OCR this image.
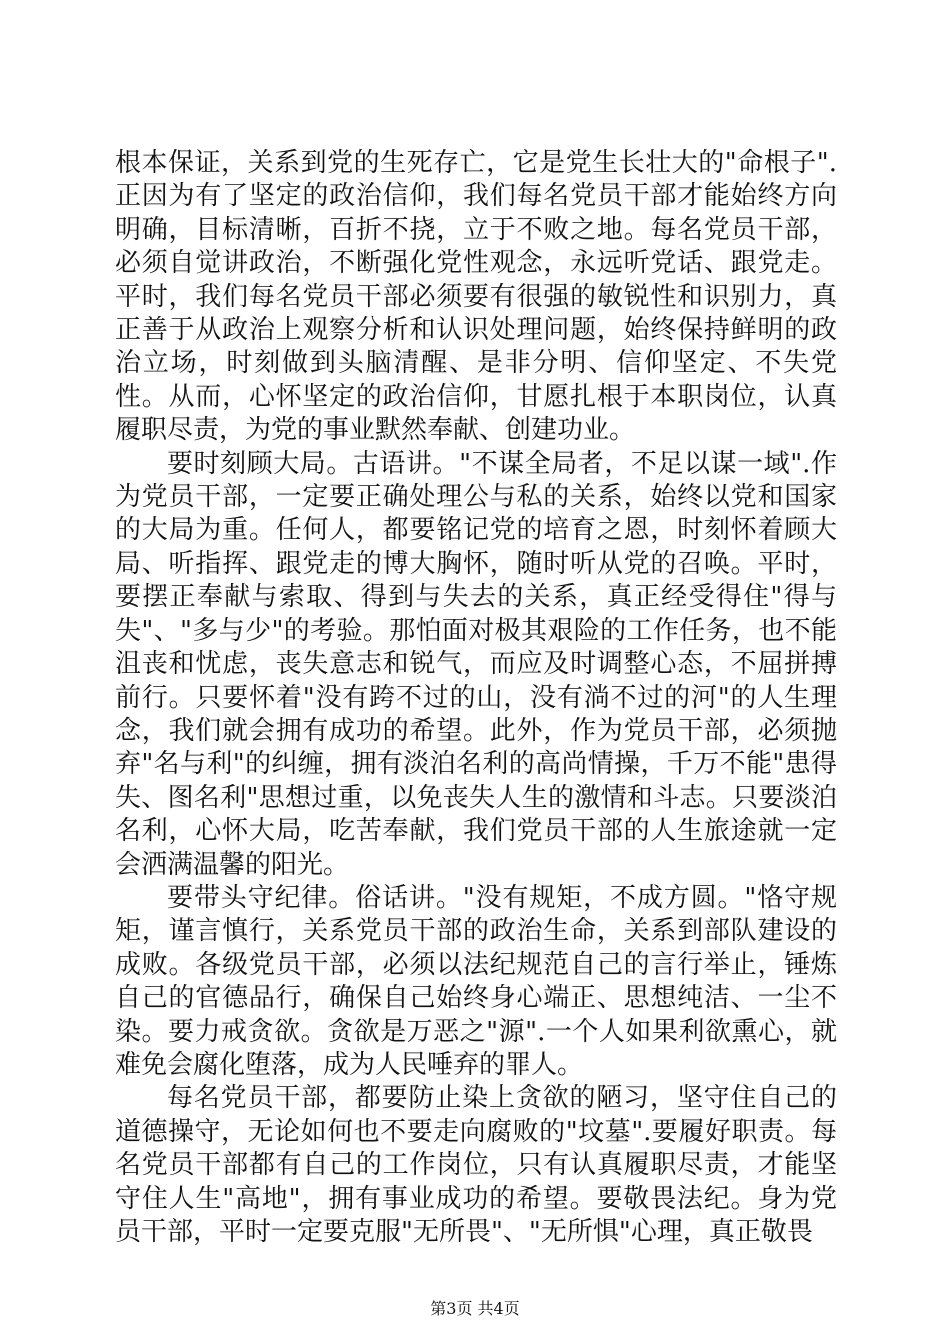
根本保证，关系到党的生死存亡，它是党生长壮大的"命根子".正因为有了坚定的政治信仰，我们每名党员干部才能始终方向明确，目标清晰，百折不挠，立于不败之地。每名党员干部，必须自觉讲政治，不断强化党性观念，永远听党话、跟党走。平时，我们每名党员干部必须要有很强的敏锐性和识别力，真正善于从政治上观察分析和认识处理问题，始终保持鲜明的政治立场，时刻做到头脑清醒、是非分明、信仰坚定、不失党性。从而，心怀坚定的政治信仰，甘愿扎根于本职岗位，认真履职尽责，为党的事业默然奉献、创建功业。

要时刻顾大局。古语讲。"不谋全局者，不足以谋一域".作为党员干部，一定要正确处理公与私的关系，始终以党和国家的大局为重。任何人，都要铭记党的培育之恩，时刻怀着顾大局、听指挥、跟党走的博大胸怀，随时听从党的召唤。平时，要摆正奉献与索取、得到与失去的关系，真正经受得住"得与失"、"多与少"的考验。那怕面对极其艰险的工作任务，也不能沮丧和忧虑，丧失意志和锐气，而应及时调整心态，不屈拼搏前行。只要怀着"没有跨不过的山，没有淌不过的河"的人生理念，我们就会拥有成功的希望。此外，作为党员干部，必须抛弃"名与利"的纠缠，拥有淡泊名利的高尚情操，千万不能"患得失、图名利"思想过重，以免丧失人生的激情和斗志。只要淡泊名利，心怀大局，吃苦奉献，我们党员干部的人生旅途就一定会洒满温馨的阳光。

要带头守纪律。俗话讲。"没有规矩，不成方圆。"恪守规矩，谨言慎行，关系党员干部的政治生命，关系到部队建设的成败。各级党员干部，必须以法纪规范自己的言行举止，锤炼自己的官德品行，确保自己始终身心端正、思想纯洁、一尘不染。要力戒贪欲。贪欲是万恶之"源".一个人如果利欲熏心，就难免会腐化堕落，成为人民唾弃的罪人。

每名党员干部，都要防止染上贪欲的陋习，坚守住自己的道德操守，无论如何也不要走向腐败的"坟墓".要履好职责。每名党员干部都有自己的工作岗位，只有认真履职尽责，才能坚守住人生"高地"，拥有事业成功的希望。要敬畏法纪。身为党员干部，平时一定要克服"无所畏"、"无所惧"心理，真正敬畏

第3页 共4页
